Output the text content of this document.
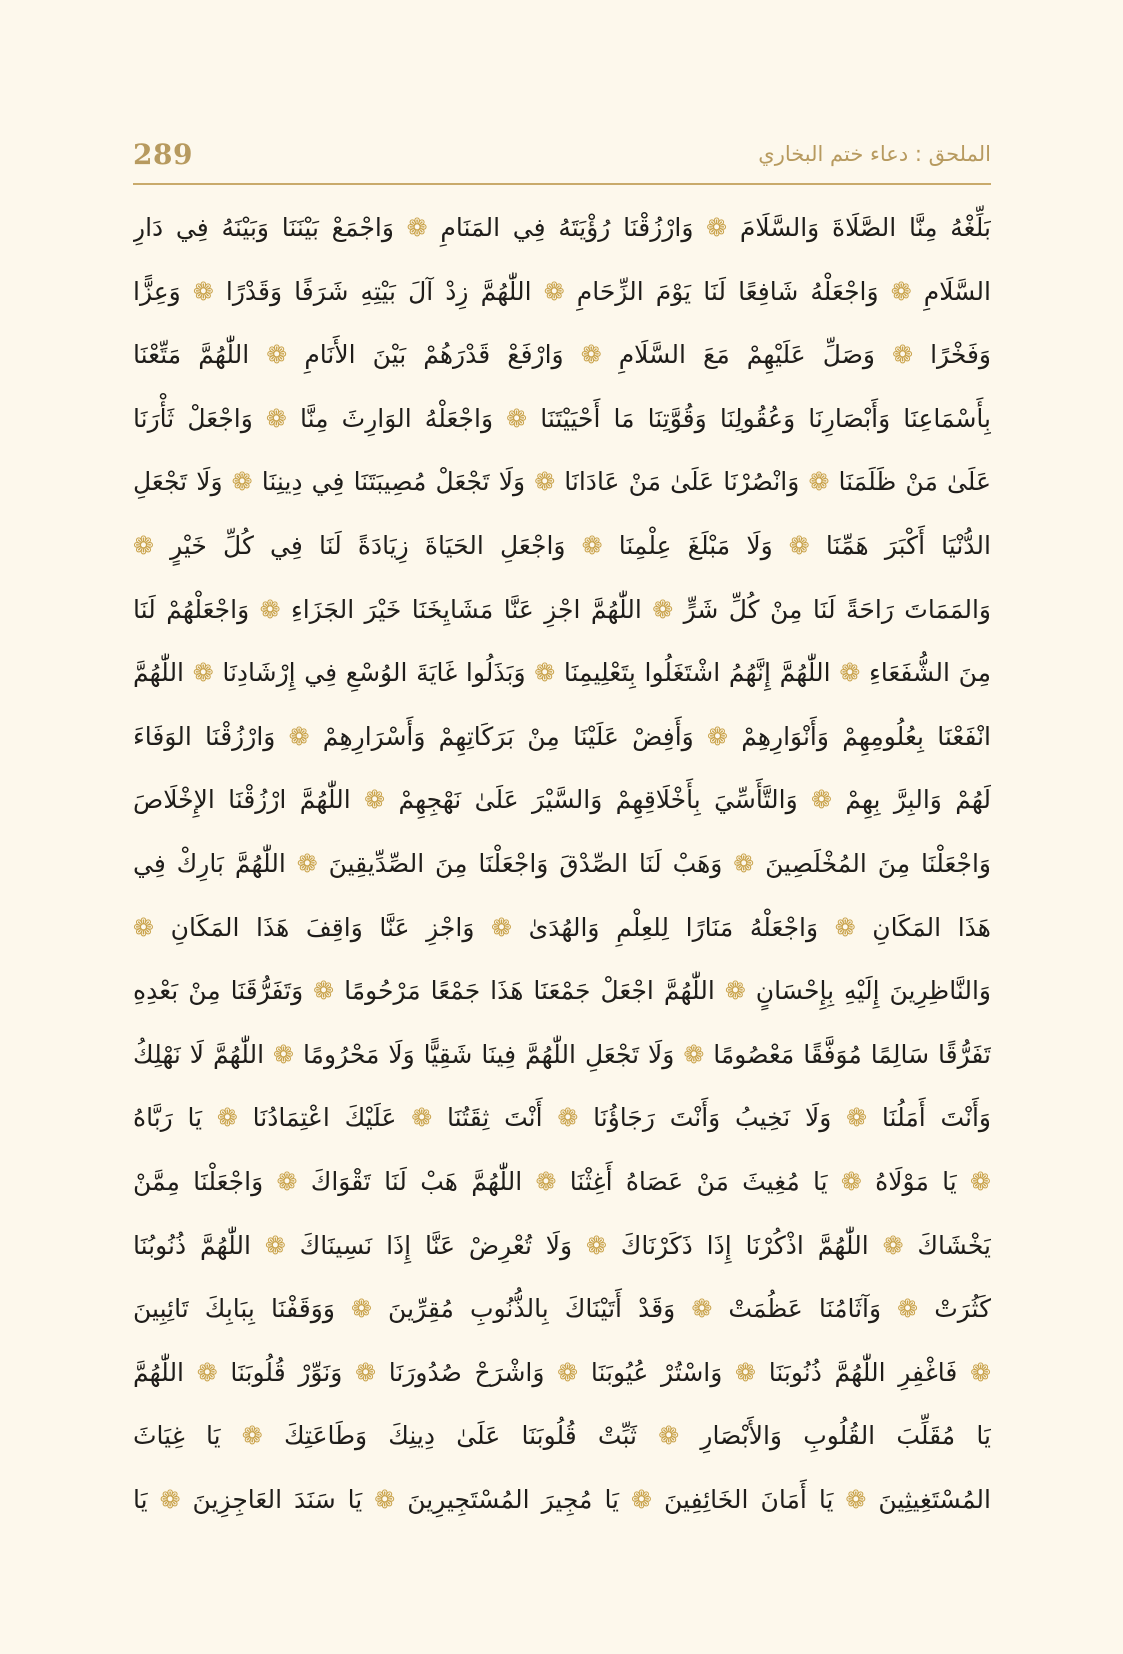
289	الملحق : دعاء ختم البخاري
بَلِّغْهُ مِنَّا الصَّلَاةَ وَالسَّلَامَ ❁ وَارْزُقْنَا رُؤْيَتَهُ فِي المَنَامِ ❁ وَاجْمَعْ بَيْنَنَا وَبَيْنَهُ فِي دَارِ
السَّلَامِ ❁ وَاجْعَلْهُ شَافِعًا لَنَا يَوْمَ الزِّحَامِ ❁ اللّٰهُمَّ زِدْ آلَ بَيْتِهِ شَرَفًا وَقَدْرًا ❁ وَعِزًّا
وَفَخْرًا ❁ وَصَلِّ عَلَيْهِمْ مَعَ السَّلَامِ ❁ وَارْفَعْ قَدْرَهُمْ بَيْنَ الأَنَامِ ❁ اللّٰهُمَّ مَتِّعْنَا
بِأَسْمَاعِنَا وَأَبْصَارِنَا وَعُقُولِنَا وَقُوَّتِنَا مَا أَحْيَيْتَنَا ❁ وَاجْعَلْهُ الوَارِثَ مِنَّا ❁ وَاجْعَلْ ثَأْرَنَا
عَلَىٰ مَنْ ظَلَمَنَا ❁ وَانْصُرْنَا عَلَىٰ مَنْ عَادَانَا ❁ وَلَا تَجْعَلْ مُصِيبَتَنَا فِي دِينِنَا ❁ وَلَا تَجْعَلِ
الدُّنْيَا أَكْبَرَ هَمِّنَا ❁ وَلَا مَبْلَغَ عِلْمِنَا ❁ وَاجْعَلِ الحَيَاةَ زِيَادَةً لَنَا فِي كُلِّ خَيْرٍ ❁
وَالمَمَاتَ رَاحَةً لَنَا مِنْ كُلِّ شَرٍّ ❁ اللّٰهُمَّ اجْزِ عَنَّا مَشَايِخَنَا خَيْرَ الجَزَاءِ ❁ وَاجْعَلْهُمْ لَنَا
مِنَ الشُّفَعَاءِ ❁ اللّٰهُمَّ إِنَّهُمُ اشْتَغَلُوا بِتَعْلِيمِنَا ❁ وَبَذَلُوا غَايَةَ الوُسْعِ فِي إِرْشَادِنَا ❁ اللّٰهُمَّ
انْفَعْنَا بِعُلُومِهِمْ وَأَنْوَارِهِمْ ❁ وَأَفِضْ عَلَيْنَا مِنْ بَرَكَاتِهِمْ وَأَسْرَارِهِمْ ❁ وَارْزُقْنَا الوَفَاءَ
لَهُمْ وَالبِرَّ بِهِمْ ❁ وَالتَّأَسِّيَ بِأَخْلَاقِهِمْ وَالسَّيْرَ عَلَىٰ نَهْجِهِمْ ❁ اللّٰهُمَّ ارْزُقْنَا الإِخْلَاصَ
وَاجْعَلْنَا مِنَ المُخْلَصِينَ ❁ وَهَبْ لَنَا الصِّدْقَ وَاجْعَلْنَا مِنَ الصِّدِّيقِينَ ❁ اللّٰهُمَّ بَارِكْ فِي
هَذَا المَكَانِ ❁ وَاجْعَلْهُ مَنَارًا لِلعِلْمِ وَالهُدَىٰ ❁ وَاجْزِ عَنَّا وَاقِفَ هَذَا المَكَانِ ❁
وَالنَّاظِرِينَ إِلَيْهِ بِإِحْسَانٍ ❁ اللّٰهُمَّ اجْعَلْ جَمْعَنَا هَذَا جَمْعًا مَرْحُومًا ❁ وَتَفَرُّقَنَا مِنْ بَعْدِهِ
تَفَرُّقًا سَالِمًا مُوَفَّقًا مَعْصُومًا ❁ وَلَا تَجْعَلِ اللّٰهُمَّ فِينَا شَقِيًّا وَلَا مَحْرُومًا ❁ اللّٰهُمَّ لَا نَهْلِكُ
وَأَنْتَ أَمَلُنَا ❁ وَلَا نَخِيبُ وَأَنْتَ رَجَاؤُنَا ❁ أَنْتَ ثِقَتُنَا ❁ عَلَيْكَ اعْتِمَادُنَا ❁ يَا رَبَّاهُ
❁ يَا مَوْلَاهُ ❁ يَا مُغِيثَ مَنْ عَصَاهُ أَغِثْنَا ❁ اللّٰهُمَّ هَبْ لَنَا تَقْوَاكَ ❁ وَاجْعَلْنَا مِمَّنْ
يَخْشَاكَ ❁ اللّٰهُمَّ اذْكُرْنَا إِذَا ذَكَرْنَاكَ ❁ وَلَا تُعْرِضْ عَنَّا إِذَا نَسِينَاكَ ❁ اللّٰهُمَّ ذُنُوبُنَا
كَثُرَتْ ❁ وَآثَامُنَا عَظُمَتْ ❁ وَقَدْ أَتَيْنَاكَ بِالذُّنُوبِ مُقِرِّينَ ❁ وَوَقَفْنَا بِبَابِكَ تَائِبِينَ
❁ فَاغْفِرِ اللّٰهُمَّ ذُنُوبَنَا ❁ وَاسْتُرْ عُيُوبَنَا ❁ وَاشْرَحْ صُدُورَنَا ❁ وَنَوِّرْ قُلُوبَنَا ❁ اللّٰهُمَّ
يَا مُقَلِّبَ القُلُوبِ وَالأَبْصَارِ ❁ ثَبِّتْ قُلُوبَنَا عَلَىٰ دِينِكَ وَطَاعَتِكَ ❁ يَا غِيَاثَ
المُسْتَغِيثِينَ ❁ يَا أَمَانَ الخَائِفِينَ ❁ يَا مُجِيرَ المُسْتَجِيرِينَ ❁ يَا سَنَدَ العَاجِزِينَ ❁ يَا
